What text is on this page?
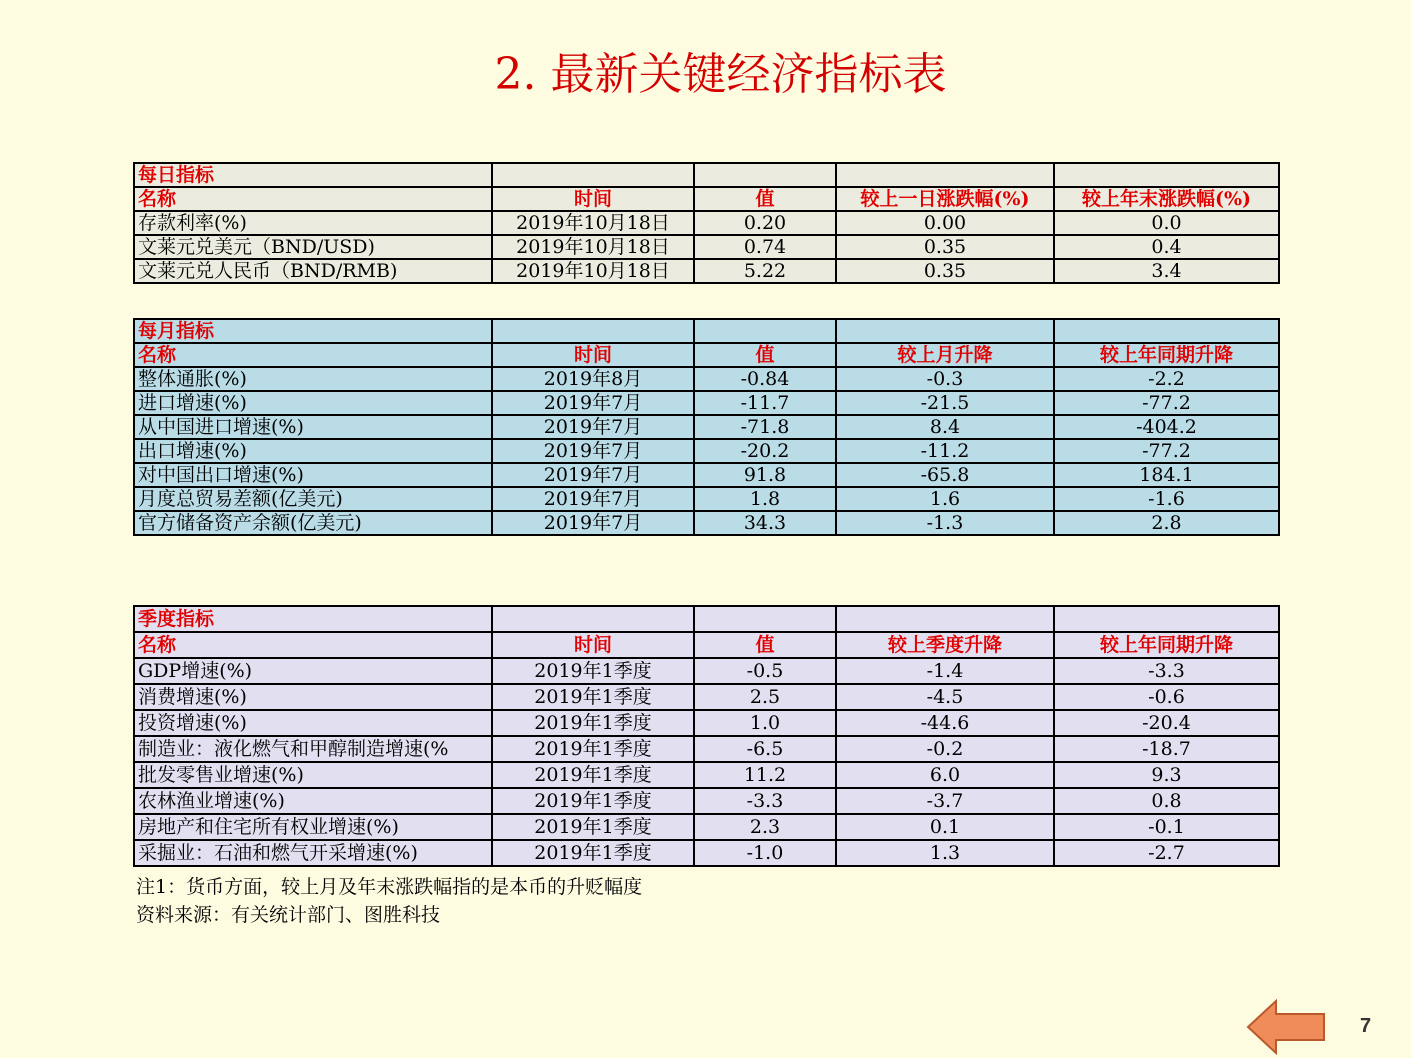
2. 最新关键经济指标表
每日指标				
名称	时间	值	较上一日涨跌幅(%)	较上年末涨跌幅(%)
存款利率(%)	2019年10月18日	0.20	0.00	0.0
文莱元兑美元（BND/USD)	2019年10月18日	0.74	0.35	0.4
文莱元兑人民币（BND/RMB)	2019年10月18日	5.22	0.35	3.4
每月指标				
名称	时间	值	较上月升降	较上年同期升降
整体通胀(%)	2019年8月	-0.84	-0.3	-2.2
进口增速(%)	2019年7月	-11.7	-21.5	-77.2
从中国进口增速(%)	2019年7月	-71.8	8.4	-404.2
出口增速(%)	2019年7月	-20.2	-11.2	-77.2
对中国出口增速(%)	2019年7月	91.8	-65.8	184.1
月度总贸易差额(亿美元)	2019年7月	1.8	1.6	-1.6
官方储备资产余额(亿美元)	2019年7月	34.3	-1.3	2.8
季度指标				
名称	时间	值	较上季度升降	较上年同期升降
GDP增速(%)	2019年1季度	-0.5	-1.4	-3.3
消费增速(%)	2019年1季度	2.5	-4.5	-0.6
投资增速(%)	2019年1季度	1.0	-44.6	-20.4
制造业：液化燃气和甲醇制造增速(%	2019年1季度	-6.5	-0.2	-18.7
批发零售业增速(%)	2019年1季度	11.2	6.0	9.3
农林渔业增速(%)	2019年1季度	-3.3	-3.7	0.8
房地产和住宅所有权业增速(%)	2019年1季度	2.3	0.1	-0.1
采掘业：石油和燃气开采增速(%)	2019年1季度	-1.0	1.3	-2.7
注1：货币方面，较上月及年末涨跌幅指的是本币的升贬幅度
资料来源：有关统计部门、图胜科技
7
